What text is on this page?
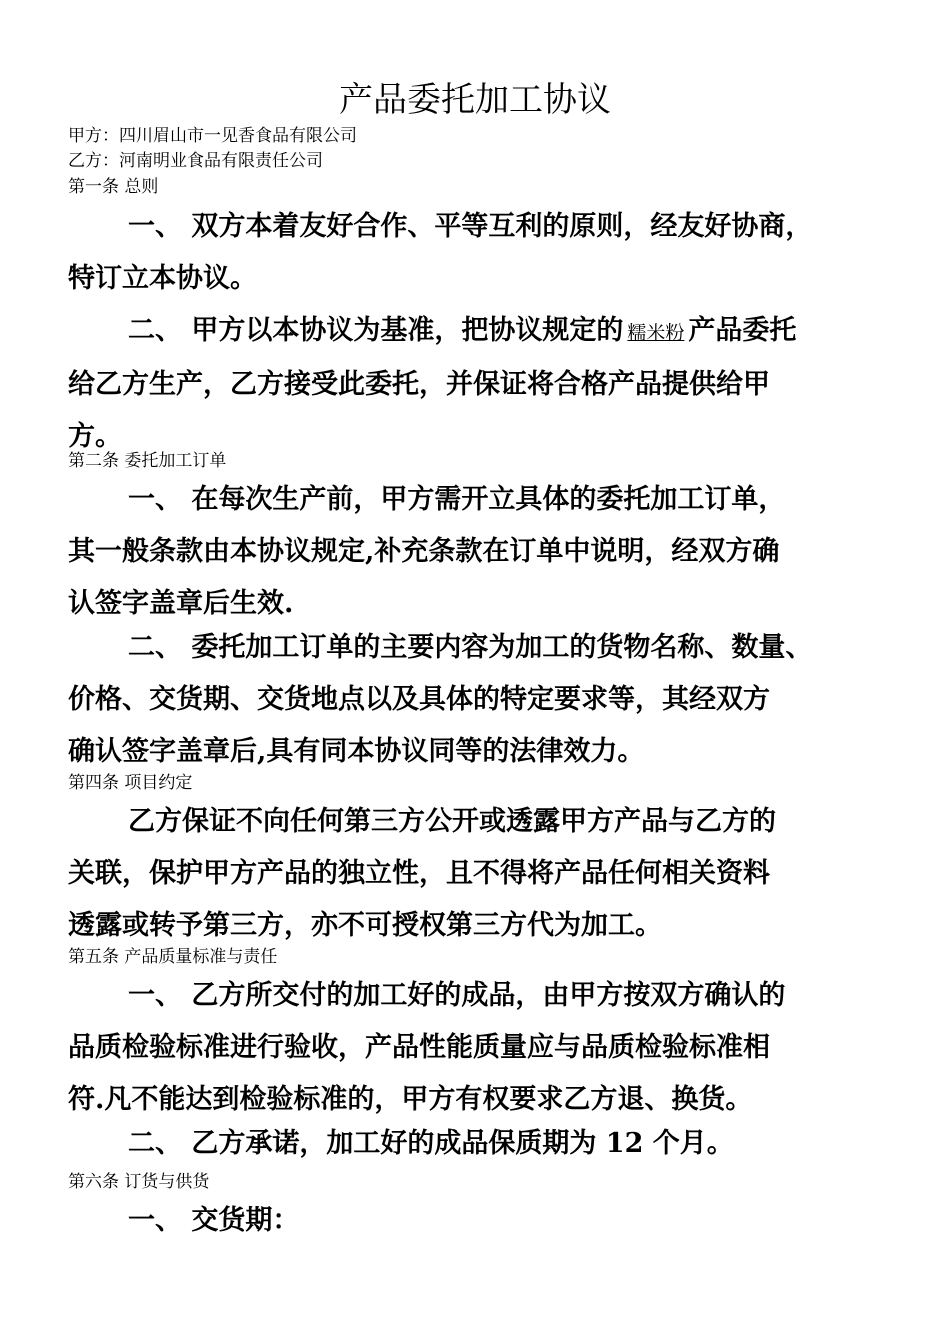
产品委托加工协议
甲方：四川眉山市一见香食品有限公司
乙方：河南明业食品有限责任公司
第一条 总则
一、 双方本着友好合作、平等互利的原则，经友好协商，
特订立本协议。
二、 甲方以本协议为基准，把协议规定的 糯米粉 产品委托
给乙方生产，乙方接受此委托，并保证将合格产品提供给甲
方。
第二条 委托加工订单
一、 在每次生产前，甲方需开立具体的委托加工订单，
其一般条款由本协议规定,补充条款在订单中说明，经双方确
认签字盖章后生效.
二、 委托加工订单的主要内容为加工的货物名称、数量、
价格、交货期、交货地点以及具体的特定要求等，其经双方
确认签字盖章后,具有同本协议同等的法律效力。
第四条 项目约定
乙方保证不向任何第三方公开或透露甲方产品与乙方的
关联，保护甲方产品的独立性，且不得将产品任何相关资料
透露或转予第三方，亦不可授权第三方代为加工。
第五条 产品质量标准与责任
一、 乙方所交付的加工好的成品，由甲方按双方确认的
品质检验标准进行验收，产品性能质量应与品质检验标准相
符.凡不能达到检验标准的，甲方有权要求乙方退、换货。
二、 乙方承诺，加工好的成品保质期为 12 个月。
第六条 订货与供货
一、 交货期：
